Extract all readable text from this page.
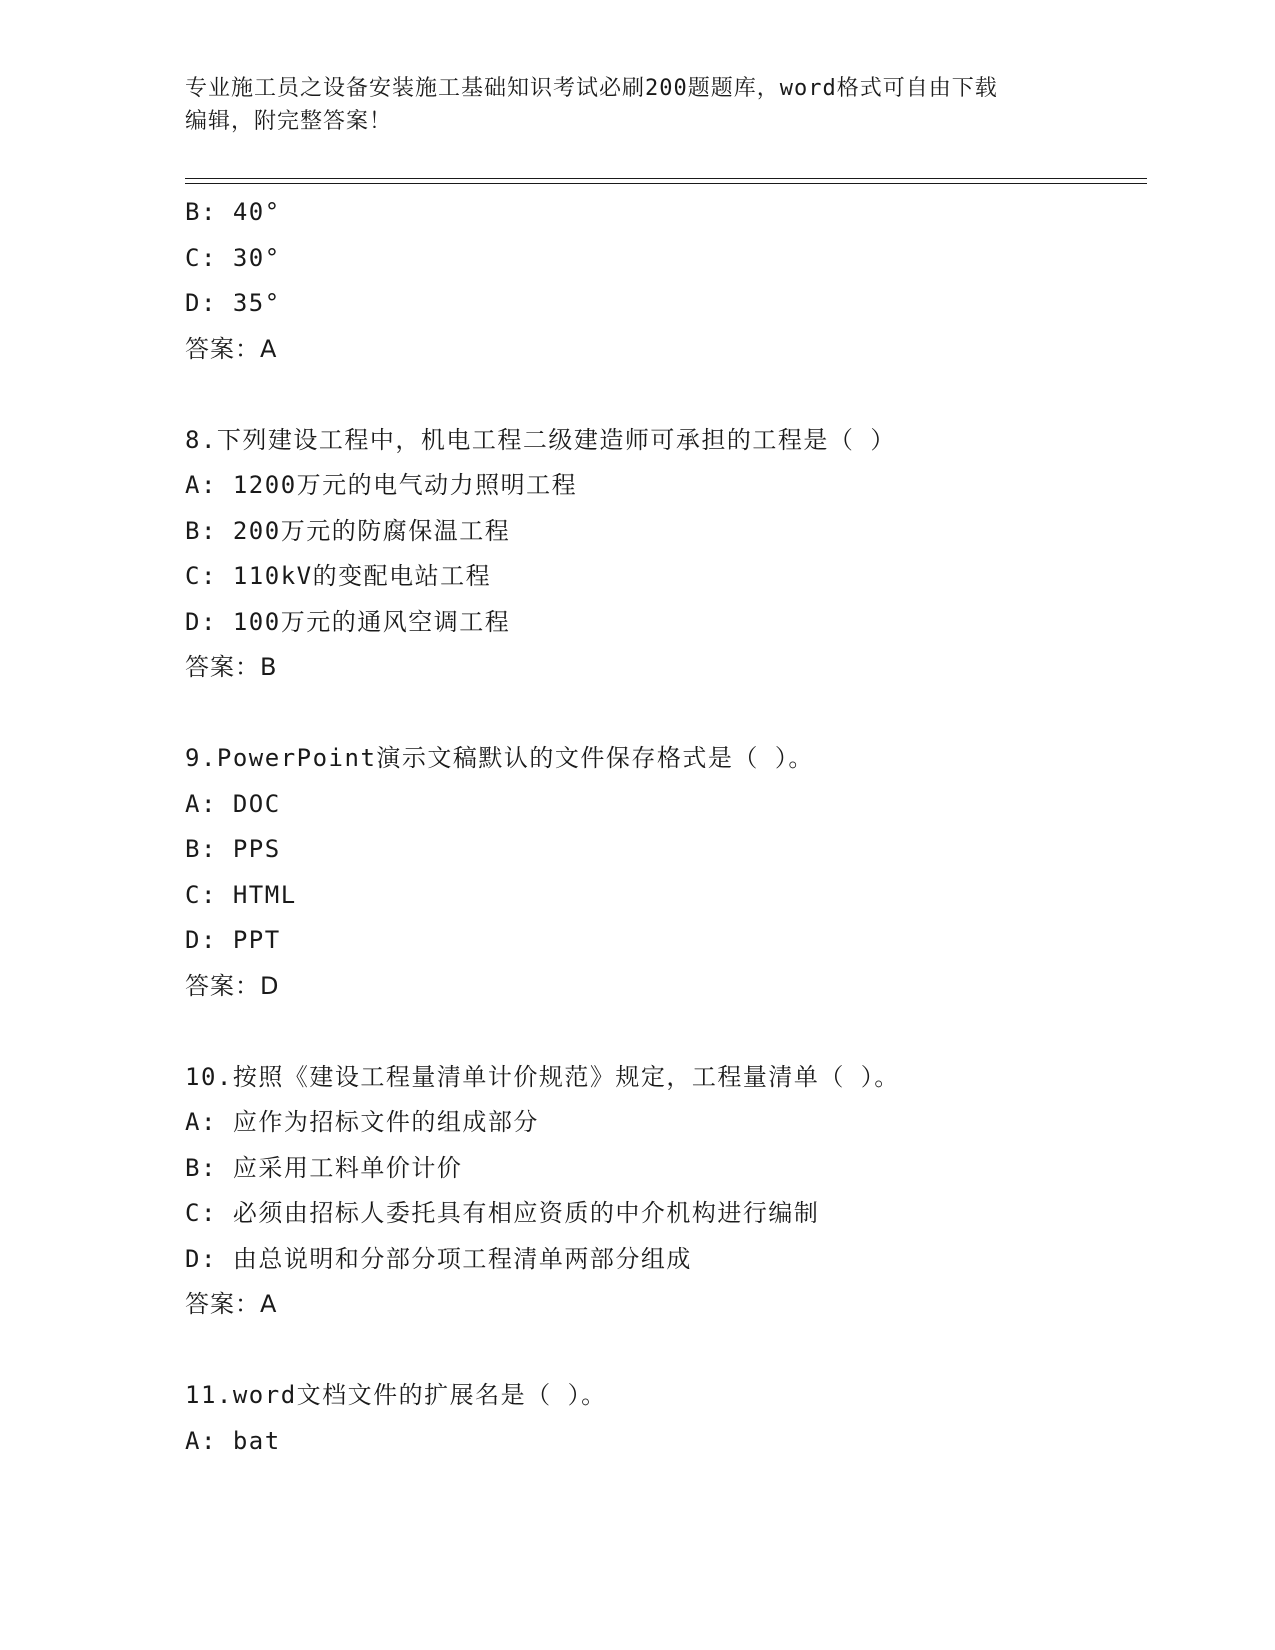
专业施工员之设备安装施工基础知识考试必刷200题题库，word格式可自由下载
编辑，附完整答案！
B: 40°
C: 30°
D: 35°
答案：A
8.下列建设工程中，机电工程二级建造师可承担的工程是（ ）
A: 1200万元的电气动力照明工程
B: 200万元的防腐保温工程
C: 110kV的变配电站工程
D: 100万元的通风空调工程
答案：B
9.PowerPoint演示文稿默认的文件保存格式是（ ）。
A: DOC
B: PPS
C: HTML
D: PPT
答案：D
10.按照《建设工程量清单计价规范》规定，工程量清单（ ）。
A: 应作为招标文件的组成部分
B: 应采用工料单价计价
C: 必须由招标人委托具有相应资质的中介机构进行编制
D: 由总说明和分部分项工程清单两部分组成
答案：A
11.word文档文件的扩展名是（ ）。
A: bat
